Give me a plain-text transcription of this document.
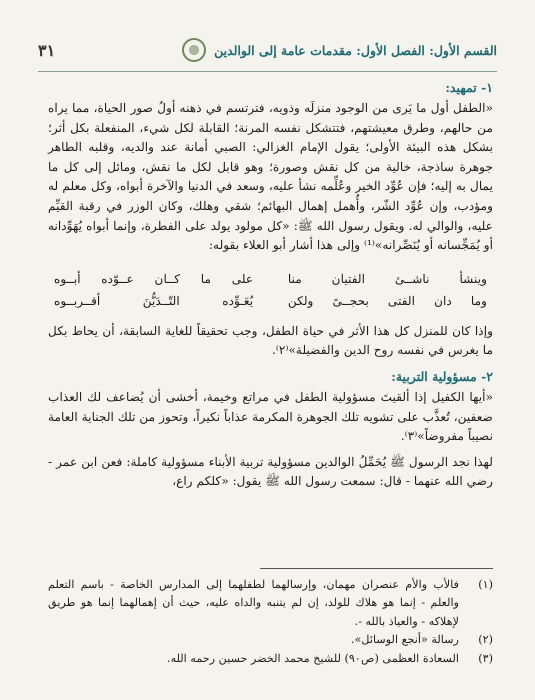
القسم الأول: الفصل الأول: مقدمات عامة إلى الوالدين
٣١

١- تمهيد:

«الطفل أول ما يَرى من الوجود منزلَه وذويه، فترتسم في ذهنه أولُ صور الحياة، مما يراه من حالهم، وطرق معيشتهم، فتتشكل نفسه المرنة؛ القابلة لكل شيء، المنفعلة بكل أثر؛ بشكل هذه البيئة الأولى؛ يقول الإمام الغزالي: الصبي أمانة عند والديه، وقلبه الطاهر جوهرة ساذجة، خالية من كل نقش وصورة؛ وهو قابل لكل ما نقش، ومائل إلى كل ما يمال به إليه؛ فإن عُوِّد الخير وعُلِّمه نشأ عليه، وسعد في الدنيا والآخرة أبواه، وكل معلم له ومؤدب، وإن عُوِّد الشّر، وأُهمل إهمال البهائم؛ شقي وهلك، وكان الوزر في رقبة القيِّم عليه، والوالي له. ويقول رسول الله ﷺ: «كل مولود يولد على الفطرة، وإنما أبواه يُهَوِّدانه أو يُمَجِّسانه أو يُنَصِّرانه»⁽¹⁾ وإلى هذا أشار أبو العلاء بقوله:

وينشأ ناشــئ الفتيان منا
على ما كــان عــوّده أبــوه
وما دان الفتى بحجــىً ولكن
يُعَـوِّده التّــدَيُّنَ أقــربــوه

وإذا كان للمنزل كل هذا الأثر في حياة الطفل، وجب تحقيقاً للغاية السابقة، أن يحاط بكل ما يغرس في نفسه روح الدين والفضيلة»⁽٢⁾.

٢- مسؤولية التربية:

«أيها الكفيل إذا ألقيتَ مسؤولية الطفل في مراتع وخيمة، أخشى أن يُضاعف لك العذاب ضعفين، تُعذَّب على تشويه تلك الجوهرة المكرمة عذاباً نكيراً، وتحوز من تلك الجناية العامة نصيباً مفروضاً»⁽٣⁾.

لهذا نجد الرسول ﷺ يُحَمِّلُ الوالدين مسؤولية تربية الأبناء مسؤولية كاملة: فعن ابن عمر - رضي الله عنهما - قال: سمعت رسول الله ﷺ يقول: «كلكم راع،

(١)
فالأب والأم عنصران مهمان، وإرسالهما لطفلهما إلى المدارس الخاصة - باسم التعلم والعلم - إنما هو هلاك للولد، إن لم يتنبه والداه عليه، حيث أن إهمالهما إنما هو طريق لإهلاكه - والعياذ بالله -.
(٢)
رسالة «أنجع الوسائل».
(٣)
السعادة العظمى (ص٩٠) للشيخ محمد الخضر حسين رحمه الله.
